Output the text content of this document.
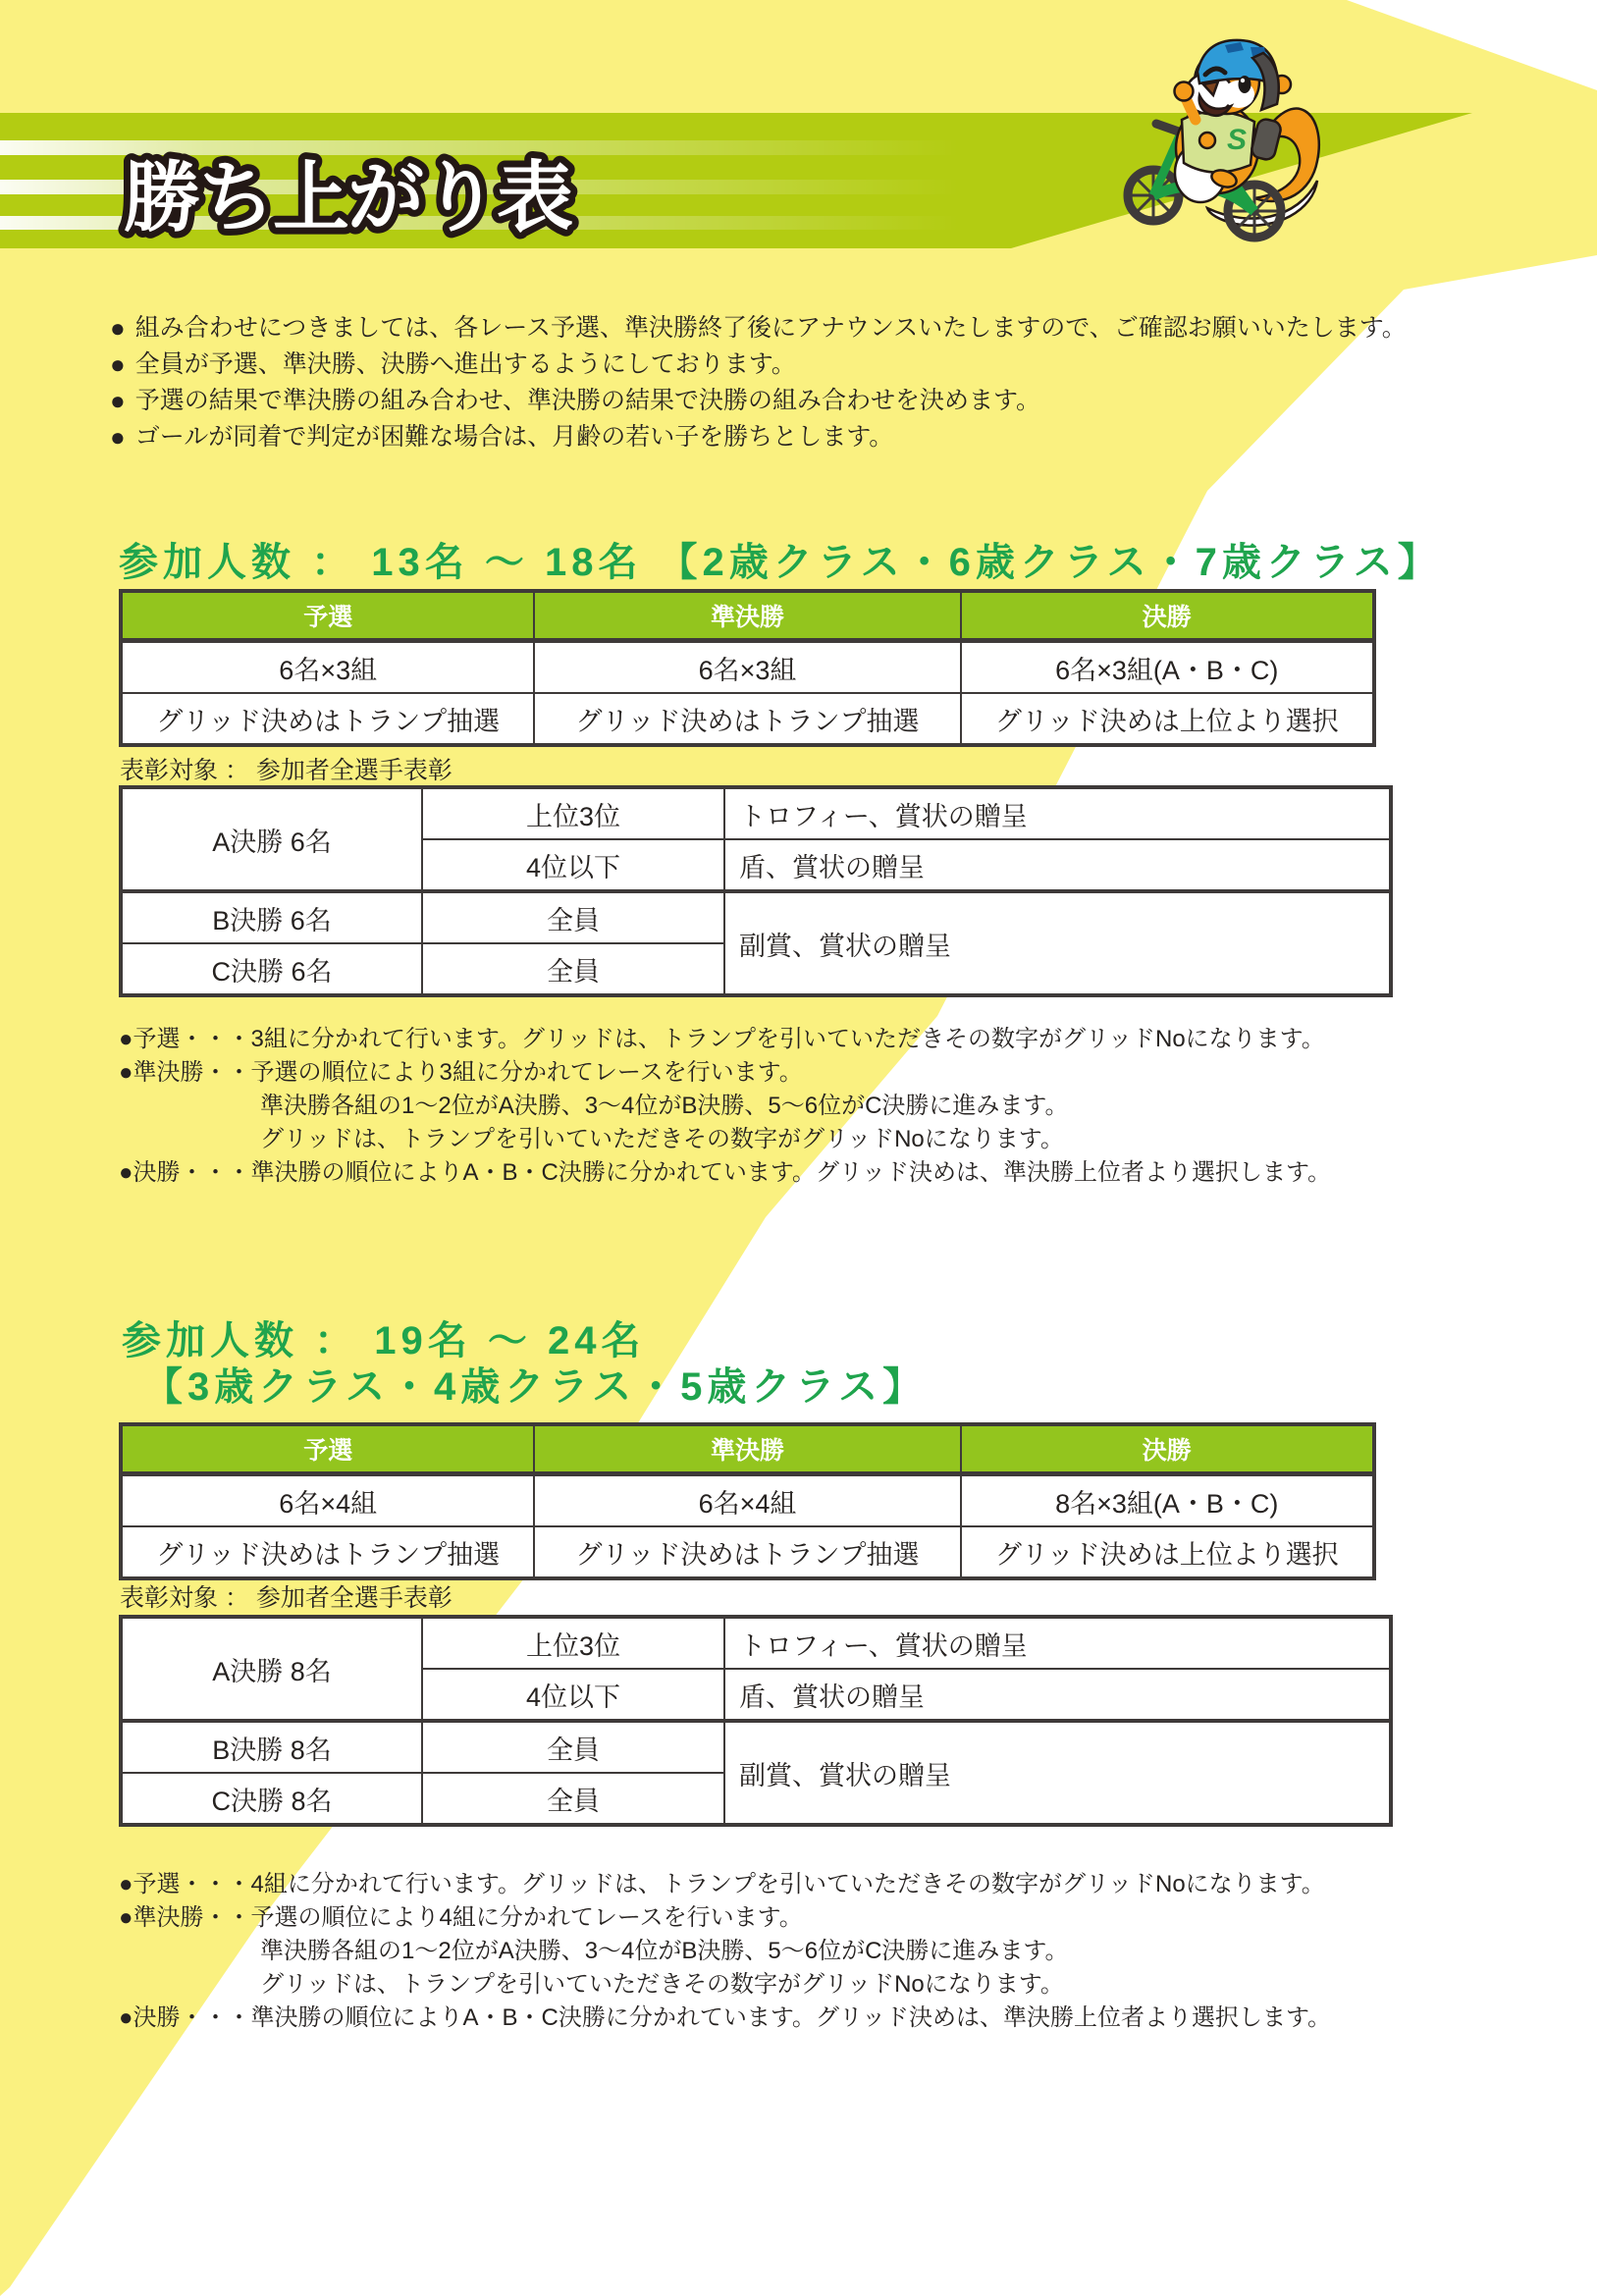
勝ち上がり表
S
● 組み合わせにつきましては、各レース予選、準決勝終了後にアナウンスいたしますので、ご確認お願いいたします。
● 全員が予選、準決勝、決勝へ進出するようにしております。
● 予選の結果で準決勝の組み合わせ、準決勝の結果で決勝の組み合わせを決めます。
● ゴールが同着で判定が困難な場合は、月齢の若い子を勝ちとします。
参加人数 ： 13名 ～ 18名 【2歳クラス・6歳クラス・7歳クラス】
予選	準決勝	決勝
6名×3組	6名×3組	6名×3組(A・B・C)
グリッド決めはトランプ抽選	グリッド決めはトランプ抽選	グリッド決めは上位より選択
表彰対象 ： 参加者全選手表彰
A決勝 6名	上位3位	トロフィー、賞状の贈呈
	4位以下	盾、賞状の贈呈
B決勝 6名	全員	副賞、賞状の贈呈
C決勝 6名	全員	
●予選・・・3組に分かれて行います。グリッドは、トランプを引いていただきその数字がグリッドNoになります。
●準決勝・・予選の順位により3組に分かれてレースを行います。
準決勝各組の1～2位がA決勝、3～4位がB決勝、5～6位がC決勝に進みます。
グリッドは、トランプを引いていただきその数字がグリッドNoになります。
●決勝・・・準決勝の順位によりA・B・C決勝に分かれています。グリッド決めは、準決勝上位者より選択します。
参加人数 ： 19名 ～ 24名
【3歳クラス・4歳クラス・5歳クラス】
予選	準決勝	決勝
6名×4組	6名×4組	8名×3組(A・B・C)
グリッド決めはトランプ抽選	グリッド決めはトランプ抽選	グリッド決めは上位より選択
表彰対象 ： 参加者全選手表彰
A決勝 8名	上位3位	トロフィー、賞状の贈呈
	4位以下	盾、賞状の贈呈
B決勝 8名	全員	副賞、賞状の贈呈
C決勝 8名	全員	
●予選・・・4組に分かれて行います。グリッドは、トランプを引いていただきその数字がグリッドNoになります。
●準決勝・・予選の順位により4組に分かれてレースを行います。
準決勝各組の1～2位がA決勝、3～4位がB決勝、5～6位がC決勝に進みます。
グリッドは、トランプを引いていただきその数字がグリッドNoになります。
●決勝・・・準決勝の順位によりA・B・C決勝に分かれています。グリッド決めは、準決勝上位者より選択します。
